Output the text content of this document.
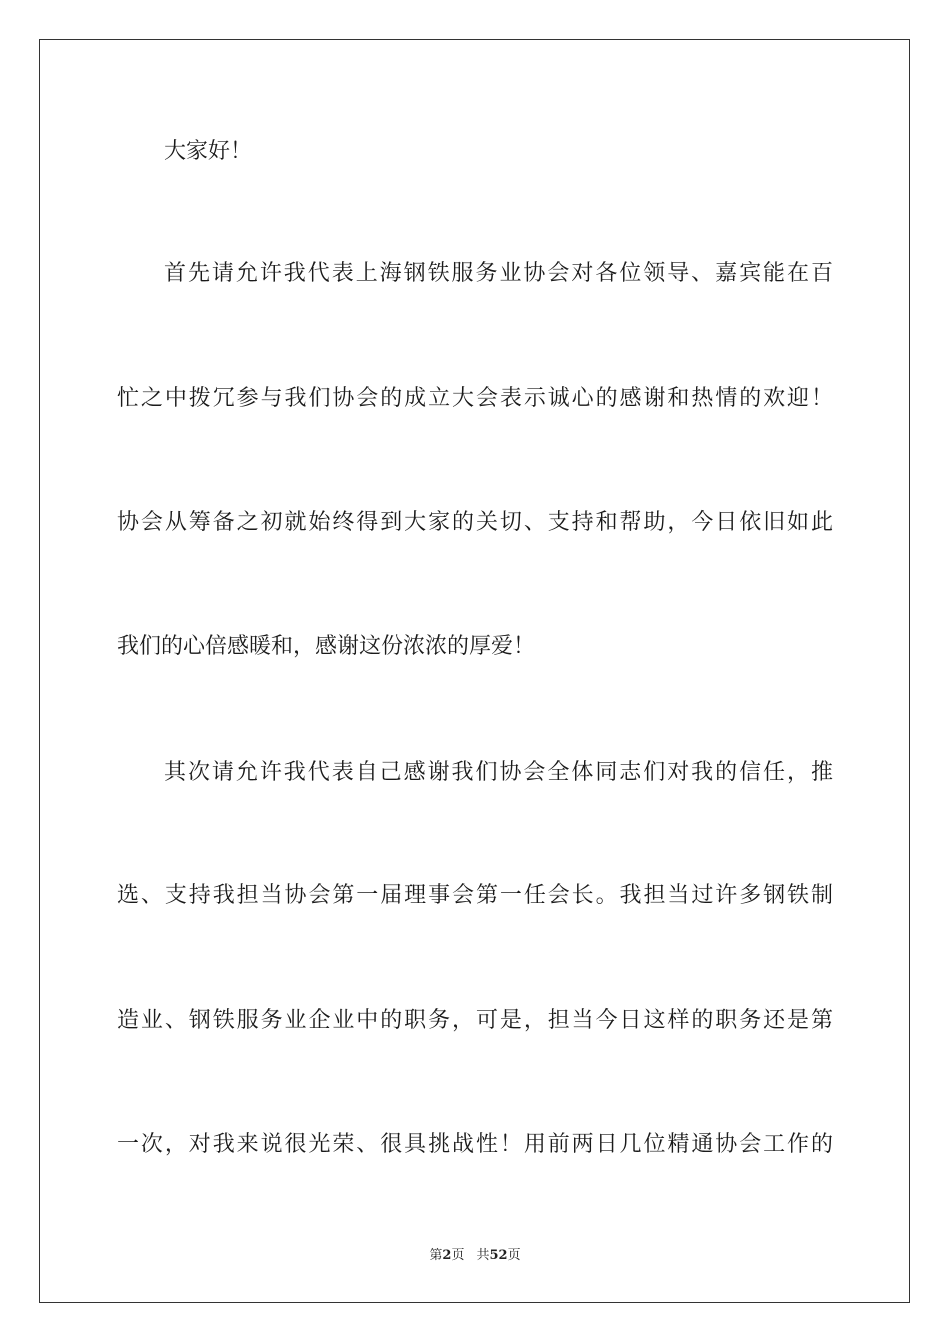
大家好！
首先请允许我代表上海钢铁服务业协会对各位领导、嘉宾能在百
忙之中拨冗参与我们协会的成立大会表示诚心的感谢和热情的欢迎！
协会从筹备之初就始终得到大家的关切、支持和帮助，今日依旧如此
我们的心倍感暖和，感谢这份浓浓的厚爱！
其次请允许我代表自己感谢我们协会全体同志们对我的信任，推
选、支持我担当协会第一届理事会第一任会长。我担当过许多钢铁制
造业、钢铁服务业企业中的职务，可是，担当今日这样的职务还是第
一次，对我来说很光荣、很具挑战性！用前两日几位精通协会工作的
第2页 共52页
